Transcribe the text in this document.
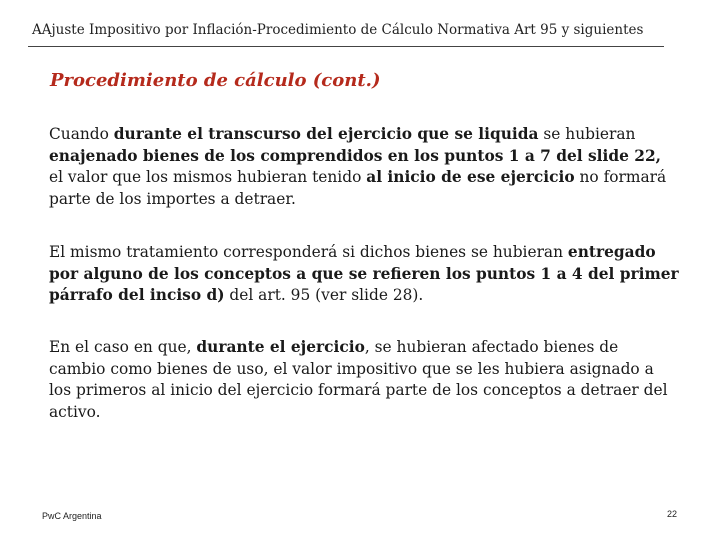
AAjuste Impositivo por Inflación-Procedimiento de Cálculo Normativa Art 95 y siguientes
Procedimiento de cálculo (cont.)

Cuando durante el transcurso del ejercicio que se liquida se hubieran enajenado bienes de los comprendidos en los puntos 1 a 7 del slide 22, el valor que los mismos hubieran tenido al inicio de ese ejercicio no formará parte de los importes a detraer.

El mismo tratamiento corresponderá si dichos bienes se hubieran entregado por alguno de los conceptos a que se refieren los puntos 1 a 4 del primer párrafo del inciso d) del art. 95 (ver slide 28).

En el caso en que, durante el ejercicio, se hubieran afectado bienes de cambio como bienes de uso, el valor impositivo que se les hubiera asignado a los primeros al inicio del ejercicio formará parte de los conceptos a detraer del activo.

PwC Argentina	22
